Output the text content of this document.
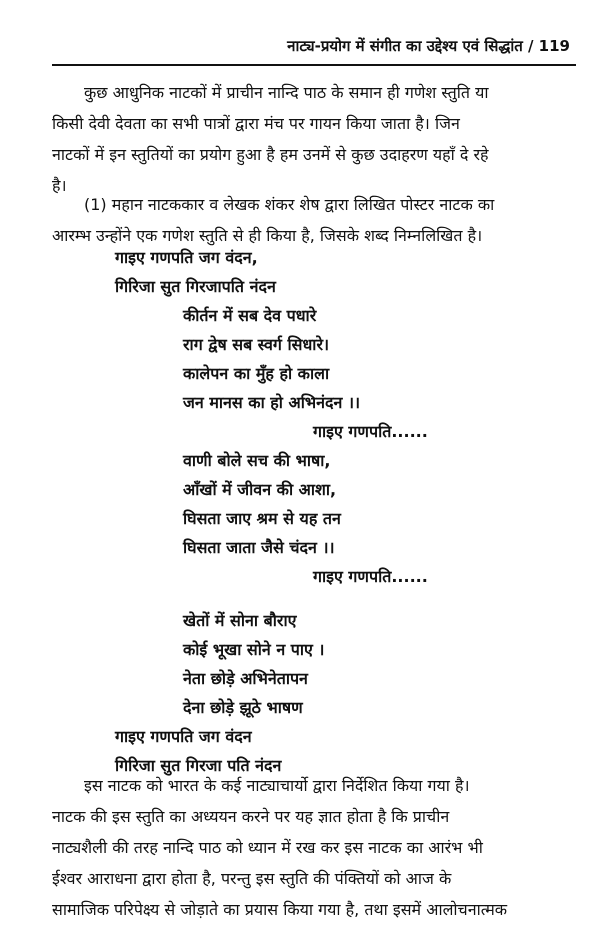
नाट्य-प्रयोग में संगीत का उद्देश्य एवं सिद्धांत / 119
कुछ आधुनिक नाटकों में प्राचीन नान्दि पाठ के समान ही गणेश स्तुति या
किसी देवी देवता का सभी पात्रों द्वारा मंच पर गायन किया जाता है। जिन
नाटकों में इन स्तुतियों का प्रयोग हुआ है हम उनमें से कुछ उदाहरण यहाँ दे रहे
है।
(1) महान नाटककार व लेखक शंकर शेष द्वारा लिखित पोस्टर नाटक का
आरम्भ उन्होंने एक गणेश स्तुति से ही किया है, जिसके शब्द निम्नलिखित है।
गाइए गणपति जग वंदन,
गिरिजा सुत गिरजापति नंदन
कीर्तन में सब देव पधारे
राग द्वेष सब स्वर्ग सिधारे।
कालेपन का मुँह हो काला
जन मानस का हो अभिनंदन ।।
गाइए गणपति......
वाणी बोले सच की भाषा,
आँखों में जीवन की आशा,
घिसता जाए श्रम से यह तन
घिसता जाता जैसे चंदन ।।
गाइए गणपति......
खेतों में सोना बौराए
कोई भूखा सोने न पाए ।
नेता छोड़े अभिनेतापन
देना छोड़े झूठे भाषण
गाइए गणपति जग वंदन
गिरिजा सुत गिरजा पति नंदन
इस नाटक को भारत के कई नाट्याचार्यो द्वारा निर्देशित किया गया है।
नाटक की इस स्तुति का अध्ययन करने पर यह ज्ञात होता है कि प्राचीन
नाट्यशैली की तरह नान्दि पाठ को ध्यान में रख कर इस नाटक का आरंभ भी
ईश्वर आराधना द्वारा होता है, परन्तु इस स्तुति की पंक्तियों को आज के
सामाजिक परिपेक्ष्य से जोड़ाते का प्रयास किया गया है, तथा इसमें आलोचनात्मक
